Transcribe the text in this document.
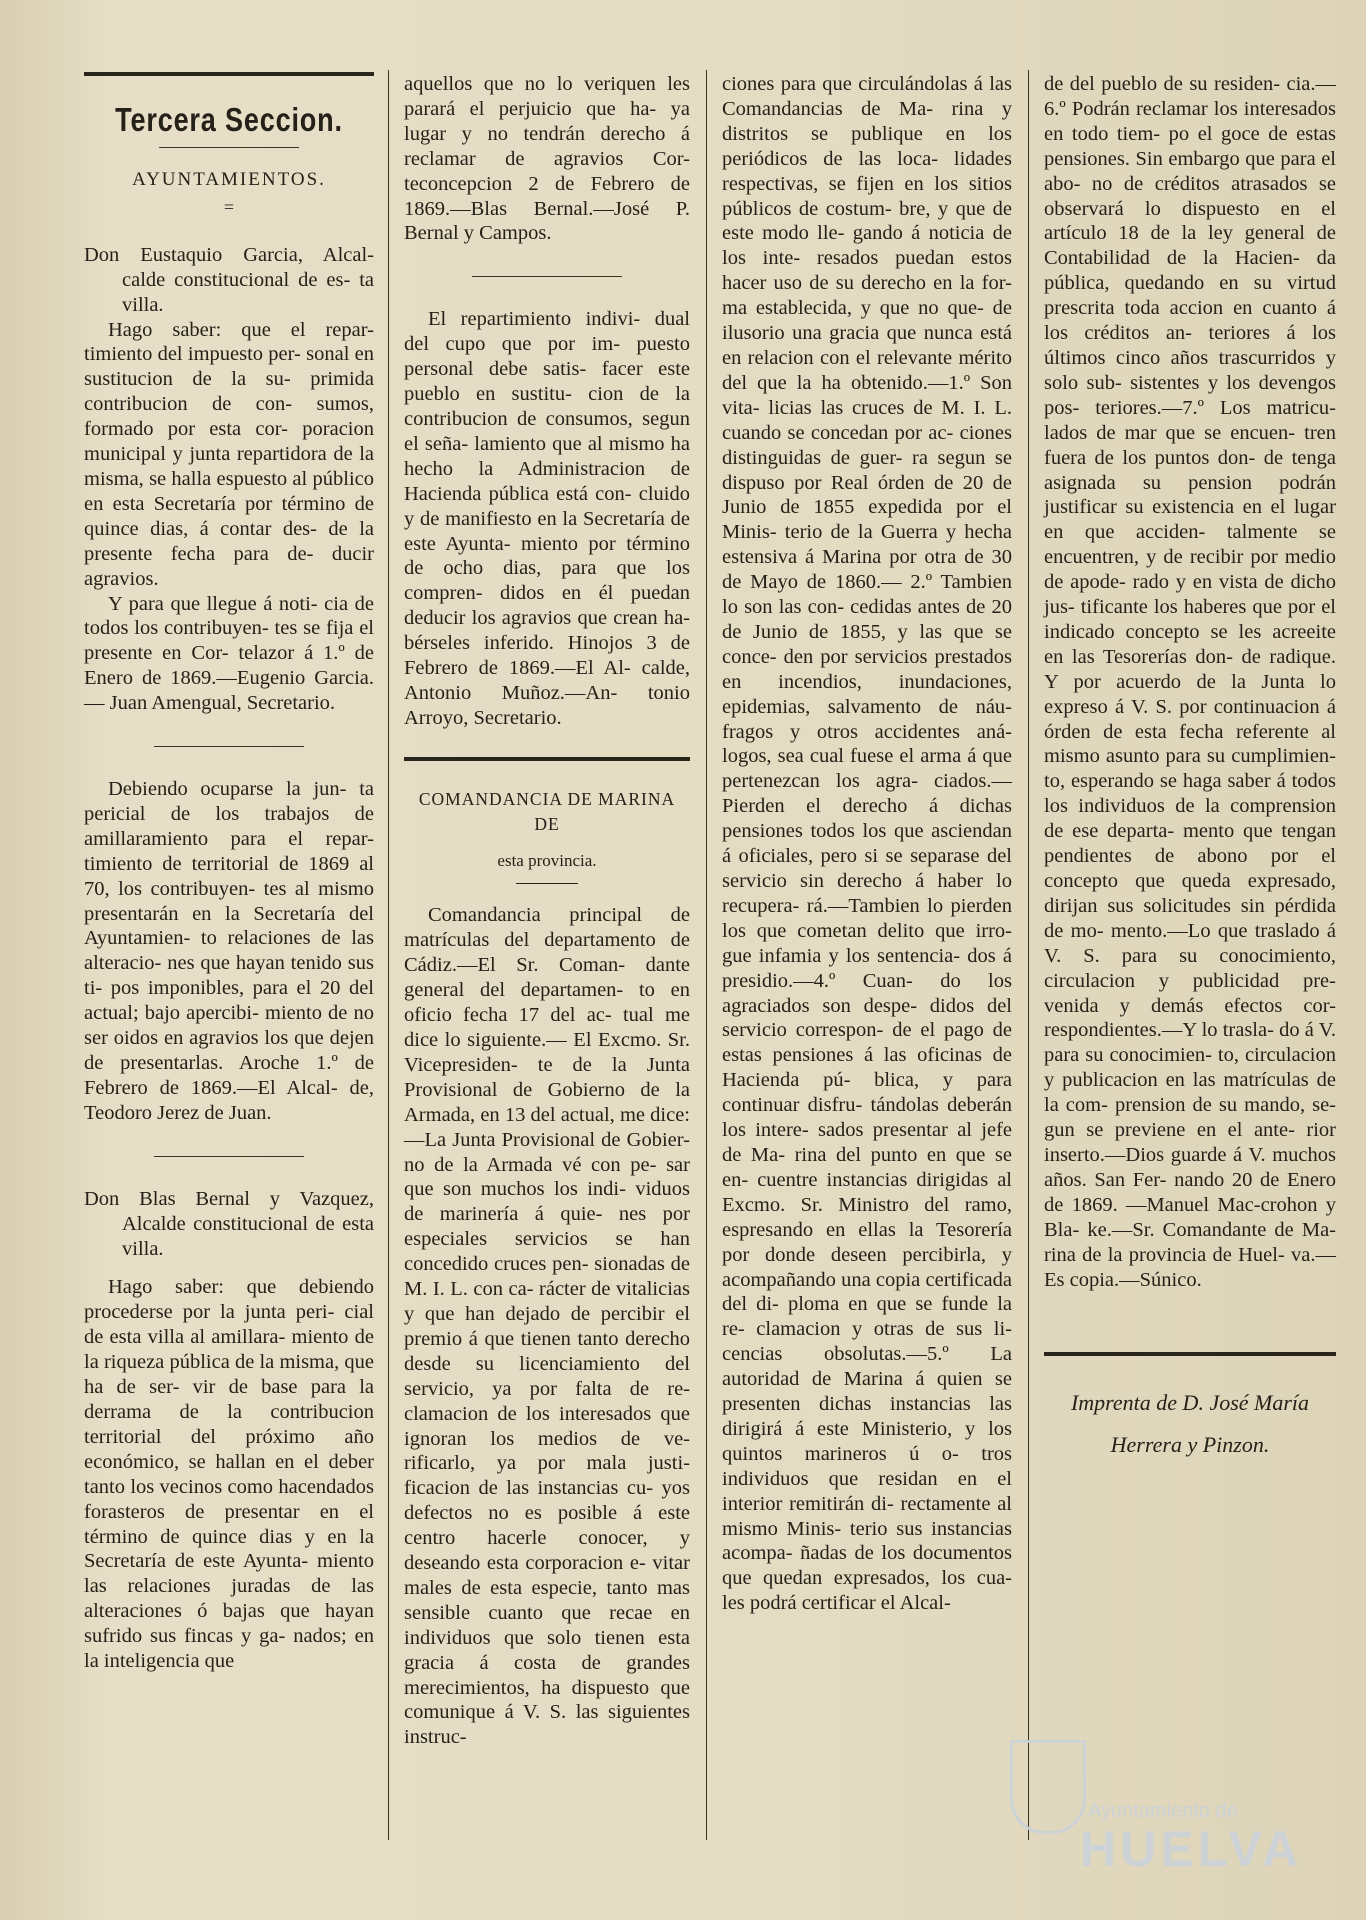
Tercera Seccion.
AYUNTAMIENTOS.
=

Don Eustaquio Garcia, Alcal- calde constitucional de es- ta villa.

Hago saber: que el repar- timiento del impuesto per- sonal en sustitucion de la su- primida contribucion de con- sumos, formado por esta cor- poracion municipal y junta repartidora de la misma, se halla espuesto al público en esta Secretaría por término de quince dias, á contar des- de la presente fecha para de- ducir agravios.

Y para que llegue á noti- cia de todos los contribuyen- tes se fija el presente en Cor- telazor á 1.º de Enero de 1869.—Eugenio Garcia.— Juan Amengual, Secretario.

Debiendo ocuparse la jun- ta pericial de los trabajos de amillaramiento para el repar- timiento de territorial de 1869 al 70, los contribuyen- tes al mismo presentarán en la Secretaría del Ayuntamien- to relaciones de las alteracio- nes que hayan tenido sus ti- pos imponibles, para el 20 del actual; bajo apercibi- miento de no ser oidos en agravios los que dejen de presentarlas. Aroche 1.º de Febrero de 1869.—El Alcal- de, Teodoro Jerez de Juan.

Don Blas Bernal y Vazquez, Alcalde constitucional de esta villa.

Hago saber: que debiendo procederse por la junta peri- cial de esta villa al amillara- miento de la riqueza pública de la misma, que ha de ser- vir de base para la derrama de la contribucion territorial del próximo año económico, se hallan en el deber tanto los vecinos como hacendados forasteros de presentar en el término de quince dias y en la Secretaría de este Ayunta- miento las relaciones juradas de las alteraciones ó bajas que hayan sufrido sus fincas y ga- nados; en la inteligencia que

aquellos que no lo veriquen les parará el perjuicio que ha- ya lugar y no tendrán derecho á reclamar de agravios Cor- teconcepcion 2 de Febrero de 1869.—Blas Bernal.—José P. Bernal y Campos.

El repartimiento indivi- dual del cupo que por im- puesto personal debe satis- facer este pueblo en sustitu- cion de la contribucion de consumos, segun el seña- lamiento que al mismo ha hecho la Administracion de Hacienda pública está con- cluido y de manifiesto en la Secretaría de este Ayunta- miento por término de ocho dias, para que los compren- didos en él puedan deducir los agravios que crean ha- bérseles inferido. Hinojos 3 de Febrero de 1869.—El Al- calde, Antonio Muñoz.—An- tonio Arroyo, Secretario.

COMANDANCIA DE MARINA DE
esta provincia.
———

Comandancia principal de matrículas del departamento de Cádiz.—El Sr. Coman- dante general del departamen- to en oficio fecha 17 del ac- tual me dice lo siguiente.— El Excmo. Sr. Vicepresiden- te de la Junta Provisional de Gobierno de la Armada, en 13 del actual, me dice:—La Junta Provisional de Gobier- no de la Armada vé con pe- sar que son muchos los indi- viduos de marinería á quie- nes por especiales servicios se han concedido cruces pen- sionadas de M. I. L. con ca- rácter de vitalicias y que han dejado de percibir el premio á que tienen tanto derecho desde su licenciamiento del servicio, ya por falta de re- clamacion de los interesados que ignoran los medios de ve- rificarlo, ya por mala justi- ficacion de las instancias cu- yos defectos no es posible á este centro hacerle conocer, y deseando esta corporacion e- vitar males de esta especie, tanto mas sensible cuanto que recae en individuos que solo tienen esta gracia á costa de grandes merecimientos, ha dispuesto que comunique á V. S. las siguientes instruc-

ciones para que circulándolas á las Comandancias de Ma- rina y distritos se publique en los periódicos de las loca- lidades respectivas, se fijen en los sitios públicos de costum- bre, y que de este modo lle- gando á noticia de los inte- resados puedan estos hacer uso de su derecho en la for- ma establecida, y que no que- de ilusorio una gracia que nunca está en relacion con el relevante mérito del que la ha obtenido.—1.º Son vita- licias las cruces de M. I. L. cuando se concedan por ac- ciones distinguidas de guer- ra segun se dispuso por Real órden de 20 de Junio de 1855 expedida por el Minis- terio de la Guerra y hecha estensiva á Marina por otra de 30 de Mayo de 1860.— 2.º Tambien lo son las con- cedidas antes de 20 de Junio de 1855, y las que se conce- den por servicios prestados en incendios, inundaciones, epidemias, salvamento de náu- fragos y otros accidentes aná- logos, sea cual fuese el arma á que pertenezcan los agra- ciados.—Pierden el derecho á dichas pensiones todos los que asciendan á oficiales, pero si se separase del servicio sin derecho á haber lo recupera- rá.—Tambien lo pierden los que cometan delito que irro- gue infamia y los sentencia- dos á presidio.—4.º Cuan- do los agraciados son despe- didos del servicio correspon- de el pago de estas pensiones á las oficinas de Hacienda pú- blica, y para continuar disfru- tándolas deberán los intere- sados presentar al jefe de Ma- rina del punto en que se en- cuentre instancias dirigidas al Excmo. Sr. Ministro del ramo, espresando en ellas la Tesorería por donde deseen percibirla, y acompañando una copia certificada del di- ploma en que se funde la re- clamacion y otras de sus li- cencias obsolutas.—5.º La autoridad de Marina á quien se presenten dichas instancias las dirigirá á este Ministerio, y los quintos marineros ú o- tros individuos que residan en el interior remitirán di- rectamente al mismo Minis- terio sus instancias acompa- ñadas de los documentos que quedan expresados, los cua- les podrá certificar el Alcal-

de del pueblo de su residen- cia.—6.º Podrán reclamar los interesados en todo tiem- po el goce de estas pensiones. Sin embargo que para el abo- no de créditos atrasados se observará lo dispuesto en el artículo 18 de la ley general de Contabilidad de la Hacien- da pública, quedando en su virtud prescrita toda accion en cuanto á los créditos an- teriores á los últimos cinco años trascurridos y solo sub- sistentes y los devengos pos- teriores.—7.º Los matricu- lados de mar que se encuen- tren fuera de los puntos don- de tenga asignada su pension podrán justificar su existencia en el lugar en que acciden- talmente se encuentren, y de recibir por medio de apode- rado y en vista de dicho jus- tificante los haberes que por el indicado concepto se les acreeite en las Tesorerías don- de radique. Y por acuerdo de la Junta lo expreso á V. S. por continuacion á órden de esta fecha referente al mismo asunto para su cumplimien- to, esperando se haga saber á todos los individuos de la comprension de ese departa- mento que tengan pendientes de abono por el concepto que queda expresado, dirijan sus solicitudes sin pérdida de mo- mento.—Lo que traslado á V. S. para su conocimiento, circulacion y publicidad pre- venida y demás efectos cor- respondientes.—Y lo trasla- do á V. para su conocimien- to, circulacion y publicacion en las matrículas de la com- prension de su mando, se- gun se previene en el ante- rior inserto.—Dios guarde á V. muchos años. San Fer- nando 20 de Enero de 1869. —Manuel Mac-crohon y Bla- ke.—Sr. Comandante de Ma- rina de la provincia de Huel- va.—Es copia.—Súnico.

Imprenta de D. José María
Herrera y Pinzon.
Ayuntamiento de
HUELVA
